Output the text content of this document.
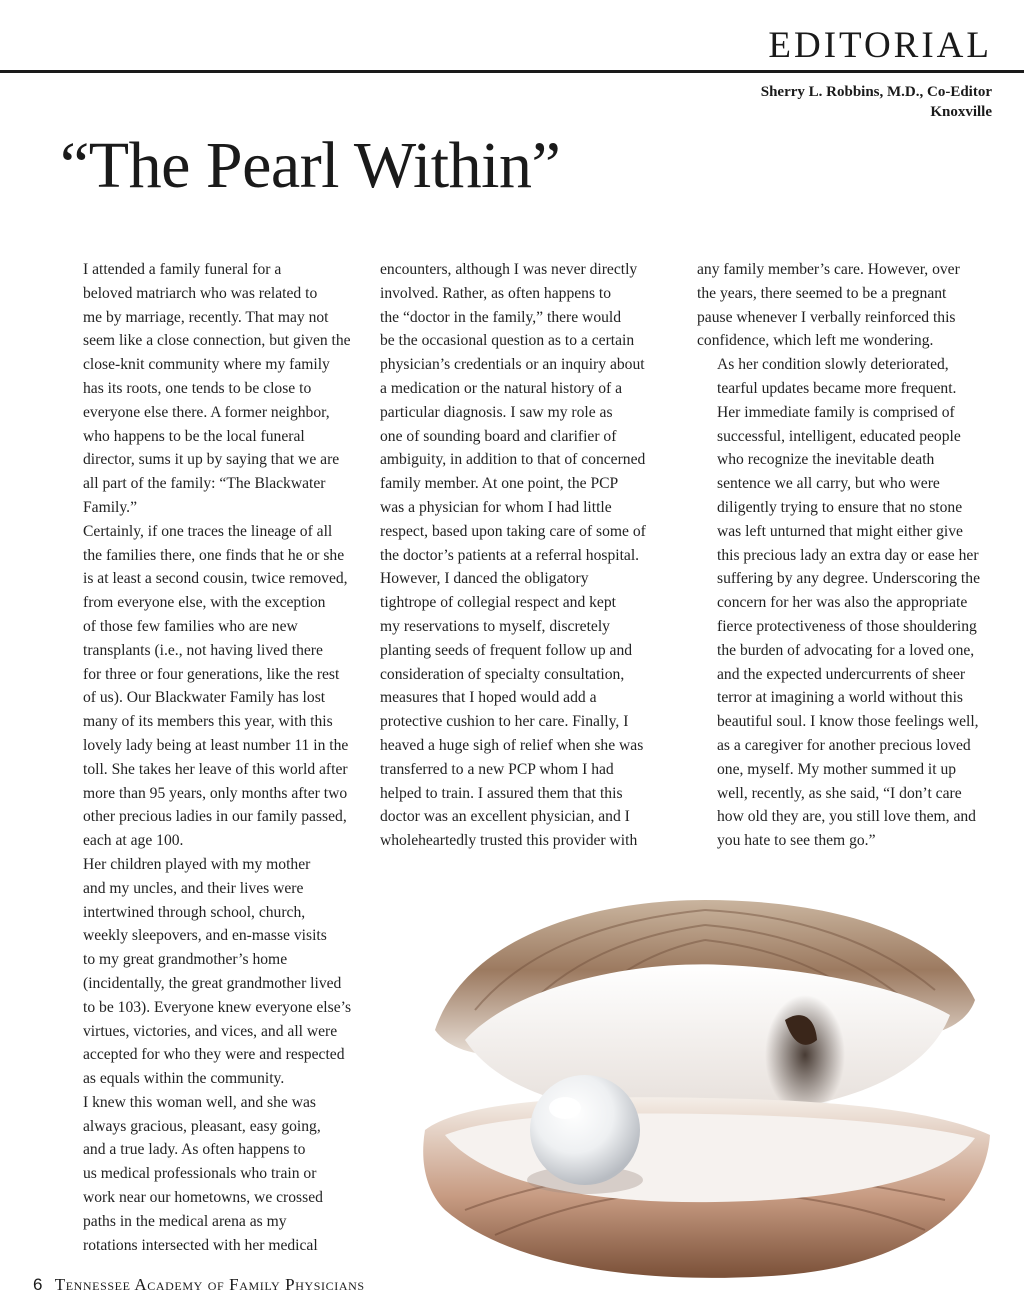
EDITORIAL
Sherry L. Robbins, M.D., Co-Editor
Knoxville
“The Pearl Within”

I attended a family funeral for a
beloved matriarch who was related to
me by marriage, recently. That may not
seem like a close connection, but given the
close-knit community where my family
has its roots, one tends to be close to
everyone else there. A former neighbor,
who happens to be the local funeral
director, sums it up by saying that we are
all part of the family: “The Blackwater
Family.”

Certainly, if one traces the lineage of all
the families there, one finds that he or she
is at least a second cousin, twice removed,
from everyone else, with the exception
of those few families who are new
transplants (i.e., not having lived there
for three or four generations, like the rest
of us). Our Blackwater Family has lost
many of its members this year, with this
lovely lady being at least number 11 in the
toll. She takes her leave of this world after
more than 95 years, only months after two
other precious ladies in our family passed,
each at age 100.

Her children played with my mother
and my uncles, and their lives were
intertwined through school, church,
weekly sleepovers, and en-masse visits
to my great grandmother’s home
(incidentally, the great grandmother lived
to be 103). Everyone knew everyone else’s
virtues, victories, and vices, and all were
accepted for who they were and respected
as equals within the community.

I knew this woman well, and she was
always gracious, pleasant, easy going,
and a true lady. As often happens to
us medical professionals who train or
work near our hometowns, we crossed
paths in the medical arena as my
rotations intersected with her medical

encounters, although I was never directly
involved. Rather, as often happens to
the “doctor in the family,” there would
be the occasional question as to a certain
physician’s credentials or an inquiry about
a medication or the natural history of a
particular diagnosis. I saw my role as
one of sounding board and clarifier of
ambiguity, in addition to that of concerned
family member. At one point, the PCP
was a physician for whom I had little
respect, based upon taking care of some of
the doctor’s patients at a referral hospital.
However, I danced the obligatory
tightrope of collegial respect and kept
my reservations to myself, discretely
planting seeds of frequent follow up and
consideration of specialty consultation,
measures that I hoped would add a
protective cushion to her care. Finally, I
heaved a huge sigh of relief when she was
transferred to a new PCP whom I had
helped to train. I assured them that this
doctor was an excellent physician, and I
wholeheartedly trusted this provider with

any family member’s care. However, over
the years, there seemed to be a pregnant
pause whenever I verbally reinforced this
confidence, which left me wondering.

As her condition slowly deteriorated,
tearful updates became more frequent.
Her immediate family is comprised of
successful, intelligent, educated people
who recognize the inevitable death
sentence we all carry, but who were
diligently trying to ensure that no stone
was left unturned that might either give
this precious lady an extra day or ease her
suffering by any degree. Underscoring the
concern for her was also the appropriate
fierce protectiveness of those shouldering
the burden of advocating for a loved one,
and the expected undercurrents of sheer
terror at imagining a world without this
beautiful soul. I know those feelings well,
as a caregiver for another precious loved
one, myself. My mother summed it up
well, recently, as she said, “I don’t care
how old they are, you still love them, and
you hate to see them go.”

6 Tennessee Academy of Family Physicians
